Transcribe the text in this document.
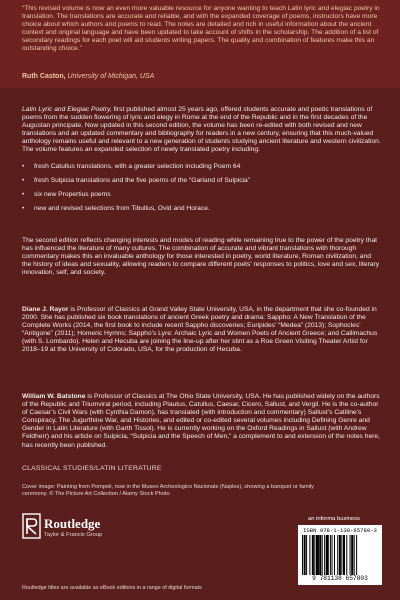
“This revised volume is now an even more valuable resource for anyone wanting to teach Latin lyric and elegiac poetry in translation. The translations are accurate and reliable, and with the expanded coverage of poems, instructors have more choice about which authors and poems to read. The notes are detailed and rich in useful information about the ancient context and original language and have been updated to take account of shifts in the scholarship. The addition of a list of secondary readings for each poet will aid students writing papers. The quality and combination of features make this an outstanding choice.”

Ruth Caston, University of Michigan, USA

Latin Lyric and Elegiac Poetry, first published almost 25 years ago, offered students accurate and poetic translations of poems from the sudden flowering of lyric and elegy in Rome at the end of the Republic and in the first decades of the Augustan principate. Now updated in this second edition, the volume has been re-edited with both revised and new translations and an updated commentary and bibliography for readers in a new century, ensuring that this much-valued anthology remains useful and relevant to a new generation of students studying ancient literature and western civilization. The volume features an expanded selection of newly translated poetry including:

• fresh Catullus translations, with a greater selection including Poem 64
• fresh Sulpicia translations and the five poems of the “Garland of Sulpicia”
• six new Propertius poems
• new and revised selections from Tibullus, Ovid and Horace.

The second edition reflects changing interests and modes of reading while remaining true to the power of the poetry that has influenced the literature of many cultures. The combination of accurate and vibrant translations with thorough commentary makes this an invaluable anthology for those interested in poetry, world literature, Roman civilization, and the history of ideas and sexuality, allowing readers to compare different poets’ responses to politics, love and sex, literary innovation, self, and society.

Diane J. Rayor is Professor of Classics at Grand Valley State University, USA, in the department that she co-founded in 2000. She has published six book translations of ancient Greek poetry and drama: Sappho: A New Translation of the Complete Works (2014, the first book to include recent Sappho discoveries; Euripides’ “Medea” (2013); Sophocles’ “Antigone” (2011); Homeric Hymns; Sappho’s Lyre: Archaic Lyric and Women Poets of Ancient Greece; and Callimachus (with S. Lombardo). Helen and Hecuba are joining the line-up after her stint as a Roe Green Visiting Theater Artist for 2018–19 at the University of Colorado, USA, for the production of Hecuba.

William W. Batstone is Professor of Classics at The Ohio State University, USA. He has published widely on the authors of the Republic and Triumviral period, including Plautus, Catullus, Caesar, Cicero, Sallust, and Vergil. He is the co-author of Caesar’s Civil Wars (with Cynthia Damon), has translated (with introduction and commentary) Sallust’s Catiline’s Conspiracy, The Jugurthine War, and Histories, and edited or co-edited several volumes including Defining Genre and Gender in Latin Literature (with Garth Tissol). He is currently working on the Oxford Readings in Sallust (with Andrew Feldherr) and his article on Sulpicia, “Sulpicia and the Speech of Men,” a complement to and extension of the notes here, has recently been published.

CLASSICAL STUDIES/LATIN LITERATURE

Cover image: Painting from Pompeii, now in the Museo Archeologico Nazionale (Naples), showing a banquet or family ceremony. © The Picture Art Collection / Alamy Stock Photo

Routledge
Taylor & Francis Group
an informa business
ISBN 978-1-138-65780-3
9 781138 657803
Routledge titles are available as eBook editions in a range of digital formats
